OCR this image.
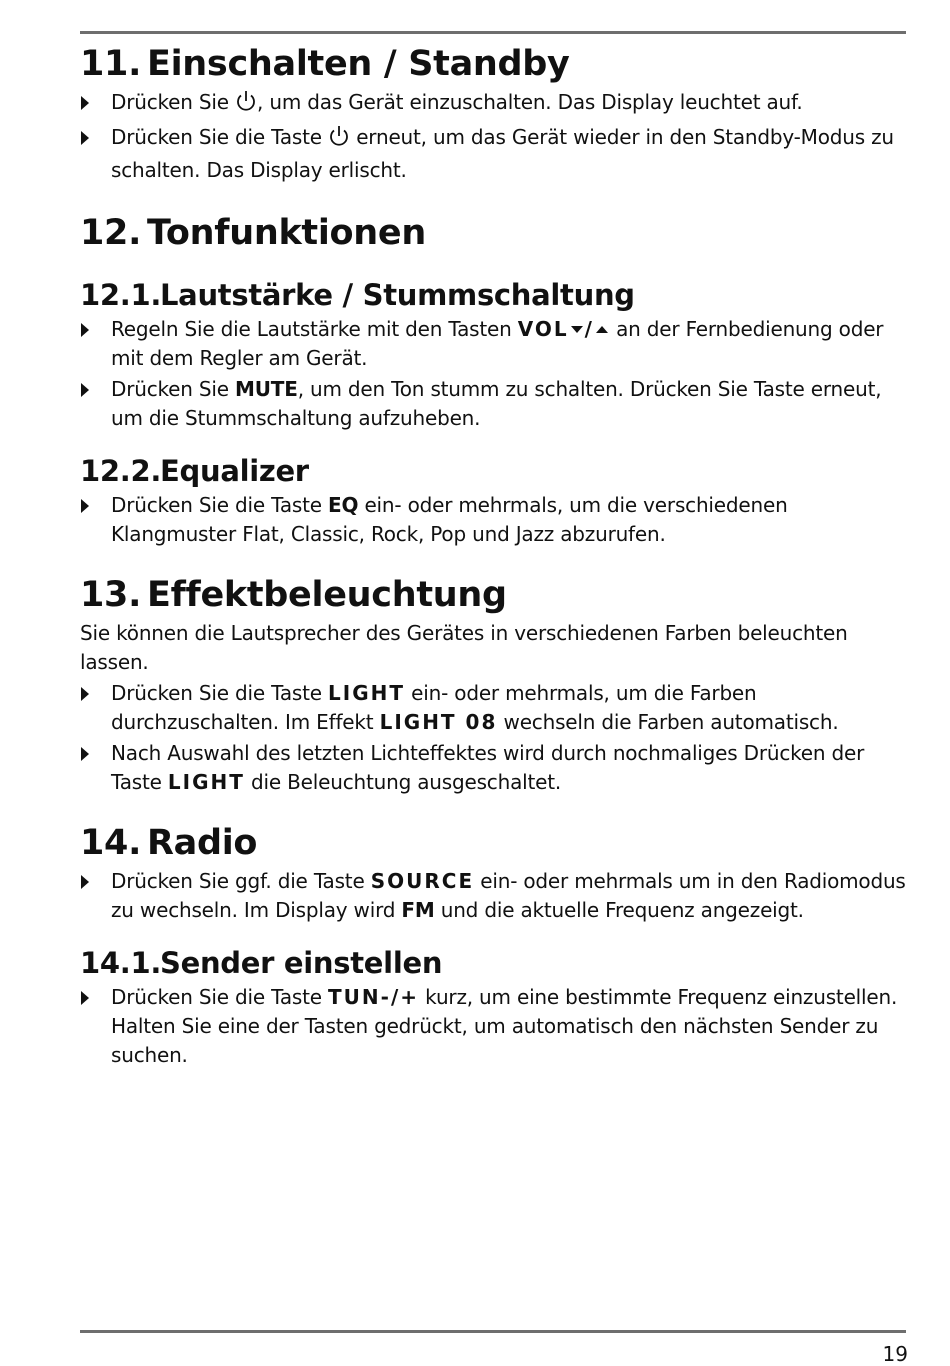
11. Einschalten / Standby

Drücken Sie , um das Gerät einzuschalten. Das Display leuchtet auf.

Drücken Sie die Taste  erneut, um das Gerät wieder in den Standby-Modus zu schalten. Das Display erlischt.

12. Tonfunktionen
12.1.Lautstärke / Stummschaltung

Regeln Sie die Lautstärke mit den Tasten VOL / an der Fernbedienung oder mit dem Regler am Gerät.

Drücken Sie MUTE, um den Ton stumm zu schalten. Drücken Sie Taste erneut, um die Stummschaltung aufzuheben.

12.2.Equalizer

Drücken Sie die Taste EQ ein- oder mehrmals, um die verschiedenen Klangmuster Flat, Classic, Rock, Pop und Jazz abzurufen.

13. Effektbeleuchtung

Sie können die Lautsprecher des Gerätes in verschiedenen Farben beleuchten lassen.

Drücken Sie die Taste LIGHT ein- oder mehrmals, um die Farben durchzuschalten. Im Effekt LIGHT 08 wechseln die Farben automatisch.

Nach Auswahl des letzten Lichteffektes wird durch nochmaliges Drücken der Taste LIGHT die Beleuchtung ausgeschaltet.

14. Radio

Drücken Sie ggf. die Taste SOURCE ein- oder mehrmals um in den Radiomodus zu wechseln. Im Display wird FM und die aktuelle Frequenz angezeigt.

14.1.Sender einstellen

Drücken Sie die Taste TUN-/+ kurz, um eine bestimmte Frequenz einzustellen.
Halten Sie eine der Tasten gedrückt, um automatisch den nächsten Sender zu suchen.

19
